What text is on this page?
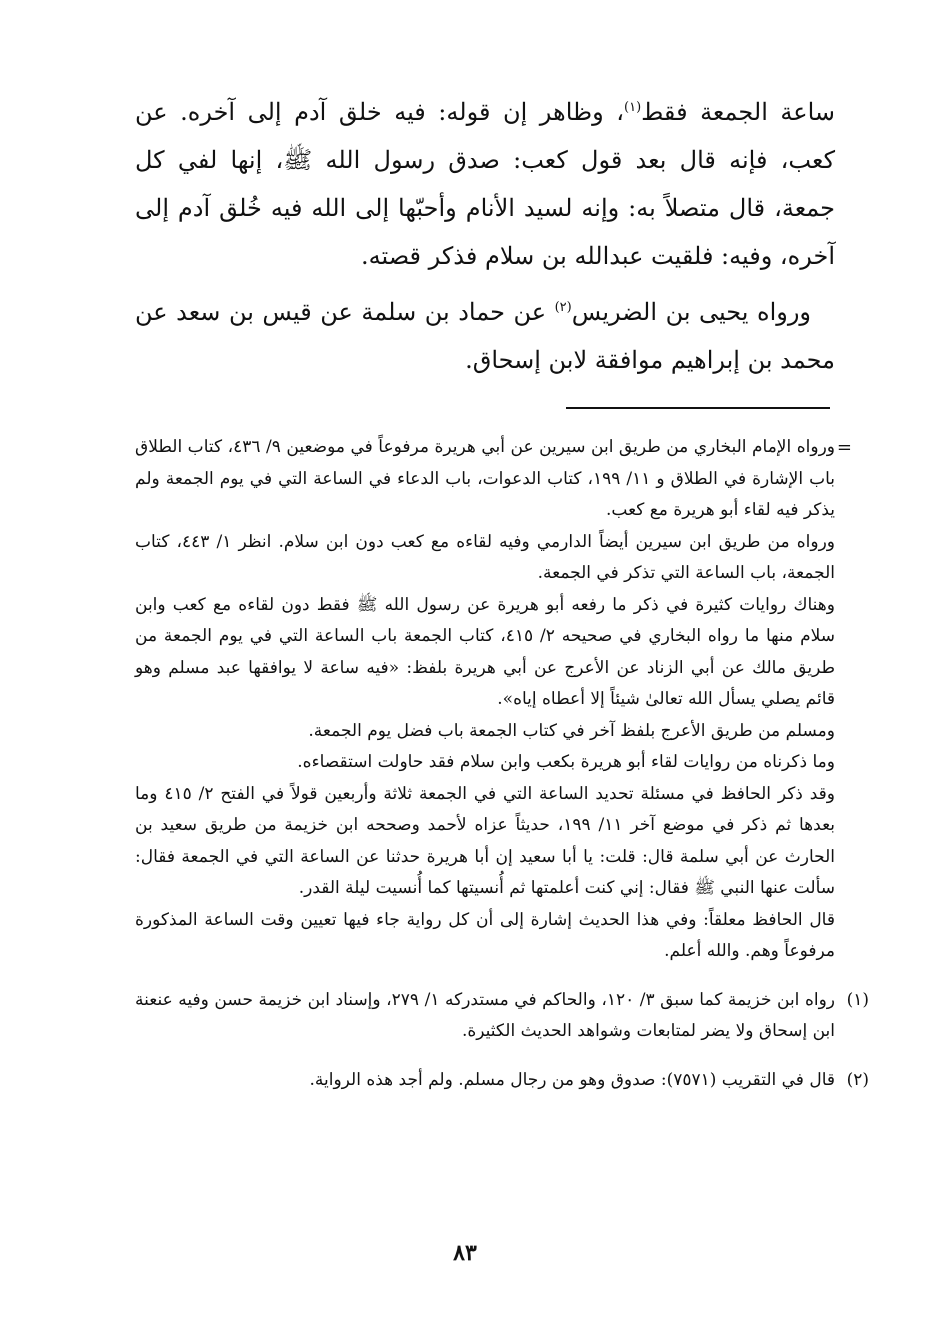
ساعة الجمعة فقط$^{(١)}$، وظاهر إن قوله: فيه خلق آدم إلى آخره. عن كعب، فإنه قال بعد قول كعب: صدق رسول الله ﷺ، إنها لفي كل جمعة، قال متصلاً به: وإنه لسيد الأنام وأحبّها إلى الله فيه خُلق آدم إلى آخره، وفيه: فلقيت عبدالله بن سلام فذكر قصته.

ورواه يحيى بن الضريس$^{(٢)}$ عن حماد بن سلمة عن قيس بن سعد عن محمد بن إبراهيم موافقة لابن إسحاق.

=

ورواه الإمام البخاري من طريق ابن سيرين عن أبي هريرة مرفوعاً في موضعين ٩/ ٤٣٦، كتاب الطلاق باب الإشارة في الطلاق و ١١/ ١٩٩، كتاب الدعوات، باب الدعاء في الساعة التي في يوم الجمعة ولم يذكر فيه لقاء أبو هريرة مع كعب.

ورواه من طريق ابن سيرين أيضاً الدارمي وفيه لقاءه مع كعب دون ابن سلام. انظر ١/ ٤٤٣، كتاب الجمعة، باب الساعة التي تذكر في الجمعة.

وهناك روايات كثيرة في ذكر ما رفعه أبو هريرة عن رسول الله ﷺ فقط دون لقاءه مع كعب وابن سلام منها ما رواه البخاري في صحيحه ٢/ ٤١٥، كتاب الجمعة باب الساعة التي في يوم الجمعة من طريق مالك عن أبي الزناد عن الأعرج عن أبي هريرة بلفظ: «فيه ساعة لا يوافقها عبد مسلم وهو قائم يصلي يسأل الله تعالىٰ شيئاً إلا أعطاه إياه».

ومسلم من طريق الأعرج بلفظ آخر في كتاب الجمعة باب فضل يوم الجمعة.

وما ذكرناه من روايات لقاء أبو هريرة بكعب وابن سلام فقد حاولت استقصاءه.

وقد ذكر الحافظ في مسئلة تحديد الساعة التي في الجمعة ثلاثة وأربعين قولاً في الفتح ٢/ ٤١٥ وما بعدها ثم ذكر في موضع آخر ١١/ ١٩٩، حديثاً عزاه لأحمد وصححه ابن خزيمة من طريق سعيد بن الحارث عن أبي سلمة قال: قلت: يا أبا سعيد إن أبا هريرة حدثنا عن الساعة التي في الجمعة فقال: سألت عنها النبي ﷺ فقال: إني كنت أعلمتها ثم أُنسيتها كما أُنسيت ليلة القدر.

قال الحافظ معلقاً: وفي هذا الحديث إشارة إلى أن كل رواية جاء فيها تعيين وقت الساعة المذكورة مرفوعاً وهم. والله أعلم.

(١)

رواه ابن خزيمة كما سبق ٣/ ١٢٠، والحاكم في مستدركه ١/ ٢٧٩، وإسناد ابن خزيمة حسن وفيه عنعنة ابن إسحاق ولا يضر لمتابعات وشواهد الحديث الكثيرة.

(٢)

قال في التقريب (٧٥٧١): صدوق وهو من رجال مسلم. ولم أجد هذه الرواية.

٨٣
